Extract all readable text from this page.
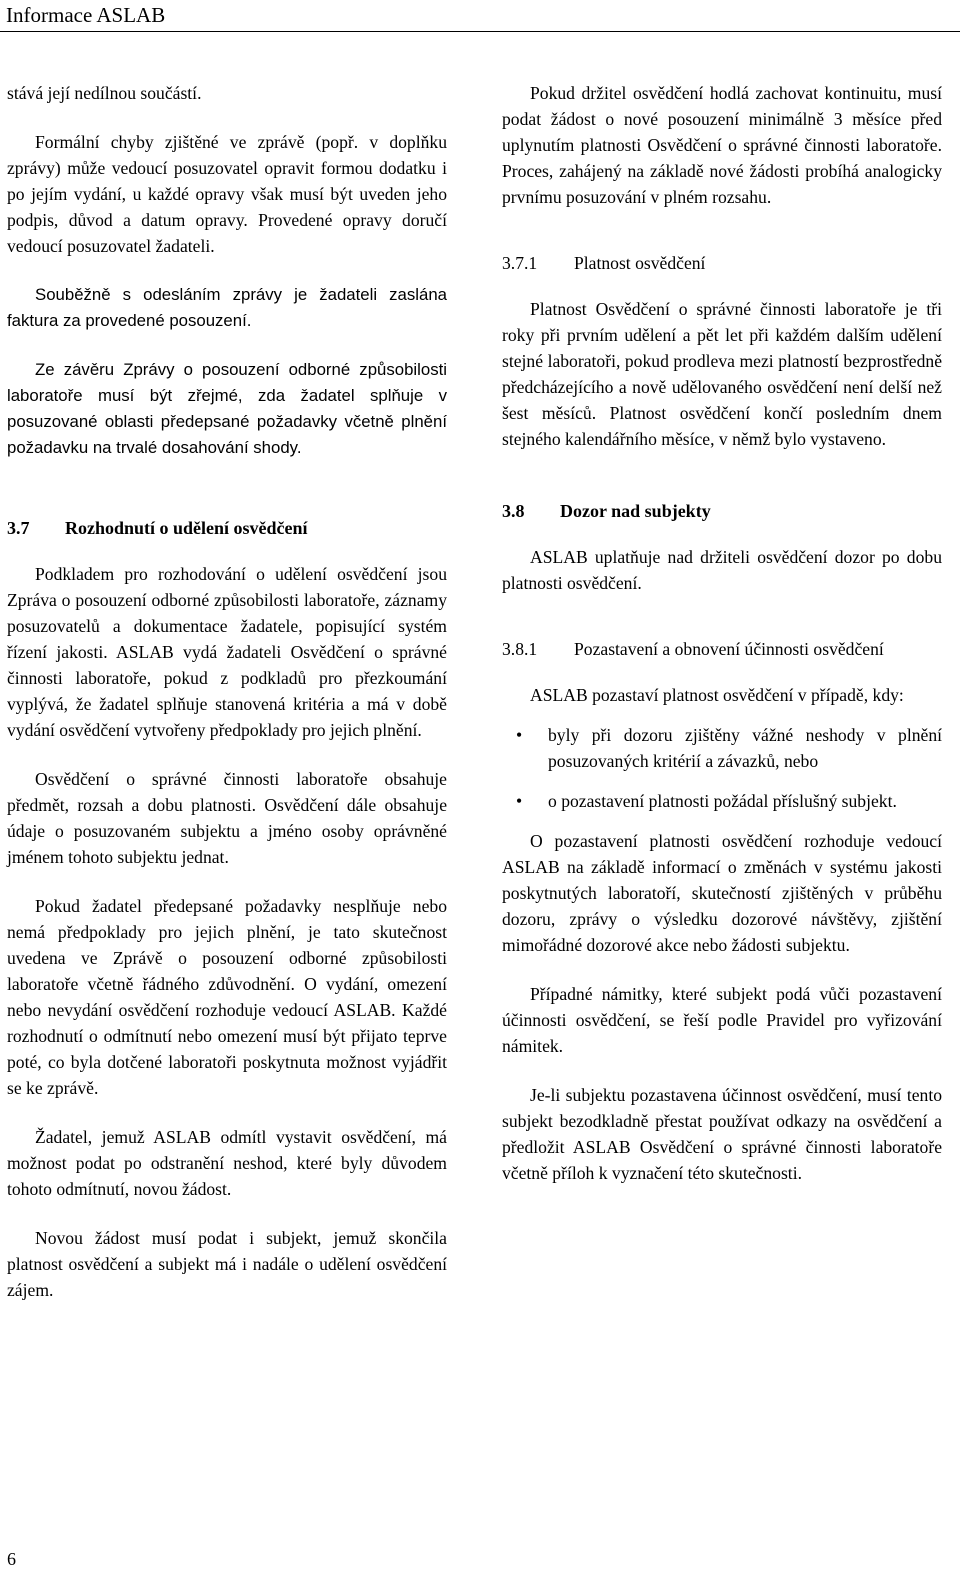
Informace ASLAB

stává její nedílnou součástí.

Formální chyby zjištěné ve zprávě (popř. v doplňku zprávy) může vedoucí posuzovatel opravit formou dodatku i po jejím vydání, u každé opravy však musí být uveden jeho podpis, důvod a datum opravy. Provedené opravy doručí vedoucí posuzovatel žadateli.

Souběžně s odesláním zprávy je žadateli zaslána faktura za provedené posouzení.

Ze závěru Zprávy o posouzení odborné způsobilosti laboratoře musí být zřejmé, zda žadatel splňuje v posuzované oblasti předepsané požadavky včetně plnění požadavku na trvalé dosahování shody.

3.7	Rozhodnutí o udělení osvědčení

Podkladem pro rozhodování o udělení osvědčení jsou Zpráva o posouzení odborné způsobilosti laboratoře, záznamy posuzovatelů a dokumentace žadatele, popisující systém řízení jakosti. ASLAB vydá žadateli Osvědčení o správné činnosti laboratoře, pokud z podkladů pro přezkoumání vyplývá, že žadatel splňuje stanovená kritéria a má v době vydání osvědčení vytvořeny předpoklady pro jejich plnění.

Osvědčení o správné činnosti laboratoře obsahuje předmět, rozsah a dobu platnosti. Osvědčení dále obsahuje údaje o posuzovaném subjektu a jméno osoby oprávněné jménem tohoto subjektu jednat.

Pokud žadatel předepsané požadavky nesplňuje nebo nemá předpoklady pro jejich plnění, je tato skutečnost uvedena ve Zprávě o posouzení odborné způsobilosti laboratoře včetně řádného zdůvodnění. O vydání, omezení nebo nevydání osvědčení rozhoduje vedoucí ASLAB. Každé rozhodnutí o odmítnutí nebo omezení musí být přijato teprve poté, co byla dotčené laboratoři poskytnuta možnost vyjádřit se ke zprávě.

Žadatel, jemuž ASLAB odmítl vystavit osvědčení, má možnost podat po odstranění neshod, které byly důvodem tohoto odmítnutí, novou žádost.

Novou žádost musí podat i subjekt, jemuž skončila platnost osvědčení a subjekt má i nadále o udělení osvědčení zájem.

Pokud držitel osvědčení hodlá zachovat kontinuitu, musí podat žádost o nové posouzení minimálně 3 měsíce před uplynutím platnosti Osvědčení o správné činnosti laboratoře. Proces, zahájený na základě nové žádosti probíhá analogicky prvnímu posuzování v plném rozsahu.

3.7.1	Platnost osvědčení

Platnost Osvědčení o správné činnosti laboratoře je tři roky při prvním udělení a pět let při každém dalším udělení stejné laboratoři, pokud prodleva mezi platností bezprostředně předcházejícího a nově udělovaného osvědčení není delší než šest měsíců. Platnost osvědčení končí posledním dnem stejného kalendářního měsíce, v němž bylo vystaveno.

3.8	Dozor nad subjekty

ASLAB uplatňuje nad držiteli osvědčení dozor po dobu platnosti osvědčení.

3.8.1	Pozastavení a obnovení účinnosti osvědčení

ASLAB pozastaví platnost osvědčení v případě, kdy:

• byly při dozoru zjištěny vážné neshody v plnění posuzovaných kritérií a závazků, nebo
• o pozastavení platnosti požádal příslušný subjekt.

O pozastavení platnosti osvědčení rozhoduje vedoucí ASLAB na základě informací o změnách v systému jakosti poskytnutých laboratoří, skutečností zjištěných v průběhu dozoru, zprávy o výsledku dozorové návštěvy, zjištění mimořádné dozorové akce nebo žádosti subjektu.

Případné námitky, které subjekt podá vůči pozastavení účinnosti osvědčení, se řeší podle Pravidel pro vyřizování námitek.

Je-li subjektu pozastavena účinnost osvědčení, musí tento subjekt bezodkladně přestat používat odkazy na osvědčení a předložit ASLAB Osvědčení o správné činnosti laboratoře včetně příloh k vyznačení této skutečnosti.

6
